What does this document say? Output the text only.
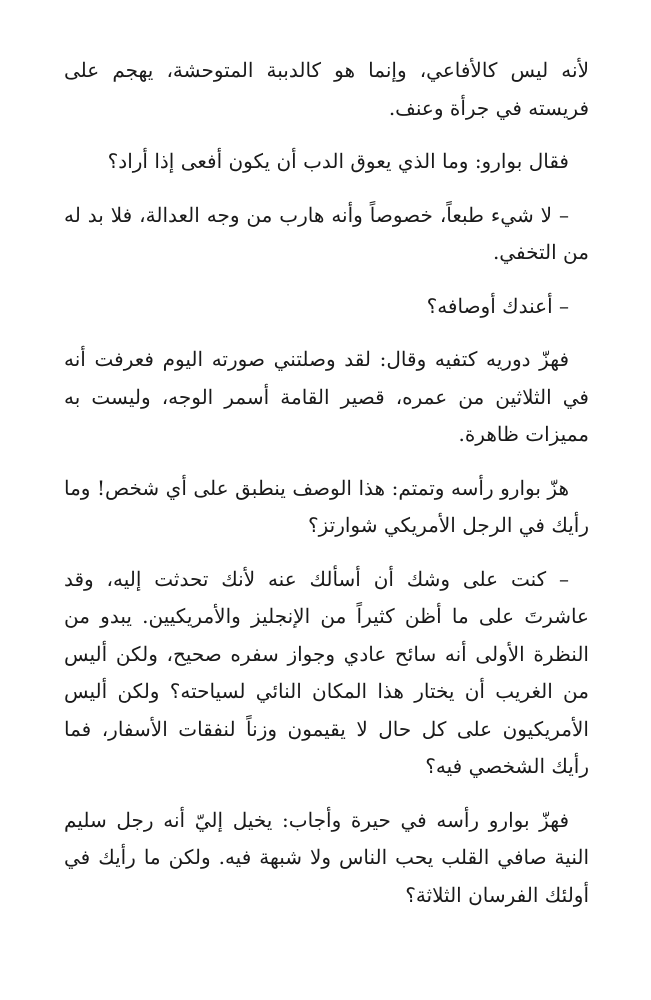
لأنه ليس كالأفاعي، وإنما هو كالدببة المتوحشة، يهجم على فريسته في جرأة وعنف.

فقال بوارو: وما الذي يعوق الدب أن يكون أفعى إذا أراد؟

– لا شيء طبعاً، خصوصاً وأنه هارب من وجه العدالة، فلا بد له من التخفي.

– أعندك أوصافه؟

فهزّ دوريه كتفيه وقال: لقد وصلتني صورته اليوم فعرفت أنه في الثلاثين من عمره، قصير القامة أسمر الوجه، وليست به مميزات ظاهرة.

هزّ بوارو رأسه وتمتم: هذا الوصف ينطبق على أي شخص! وما رأيك في الرجل الأمريكي شوارتز؟

– كنت على وشك أن أسألك عنه لأنك تحدثت إليه، وقد عاشرتَ على ما أظن كثيراً من الإنجليز والأمريكيين. يبدو من النظرة الأولى أنه سائح عادي وجواز سفره صحيح، ولكن أليس من الغريب أن يختار هذا المكان النائي لسياحته؟ ولكن أليس الأمريكيون على كل حال لا يقيمون وزناً لنفقات الأسفار، فما رأيك الشخصي فيه؟

فهزّ بوارو رأسه في حيرة وأجاب: يخيل إليّ أنه رجل سليم النية صافي القلب يحب الناس ولا شبهة فيه. ولكن ما رأيك في أولئك الفرسان الثلاثة؟
